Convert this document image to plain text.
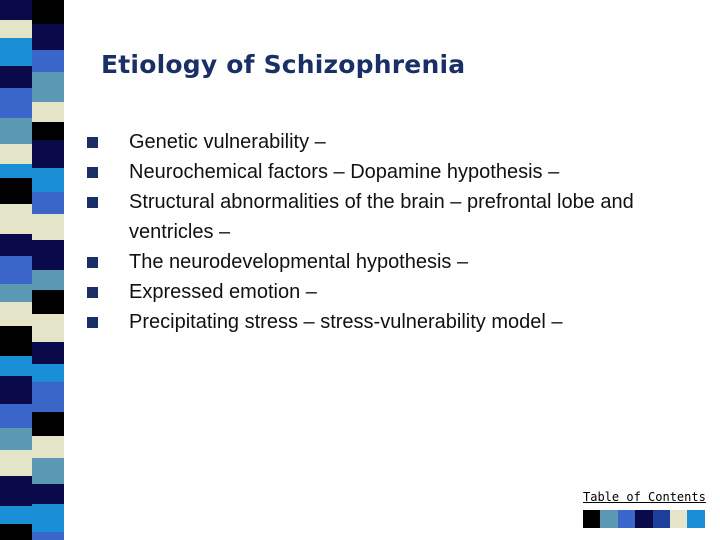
Etiology of Schizophrenia
Genetic vulnerability –
Neurochemical factors – Dopamine hypothesis –
Structural abnormalities of the brain – prefrontal lobe and ventricles –
The neurodevelopmental hypothesis –
Expressed emotion –
Precipitating stress – stress-vulnerability model –
Table of Contents
